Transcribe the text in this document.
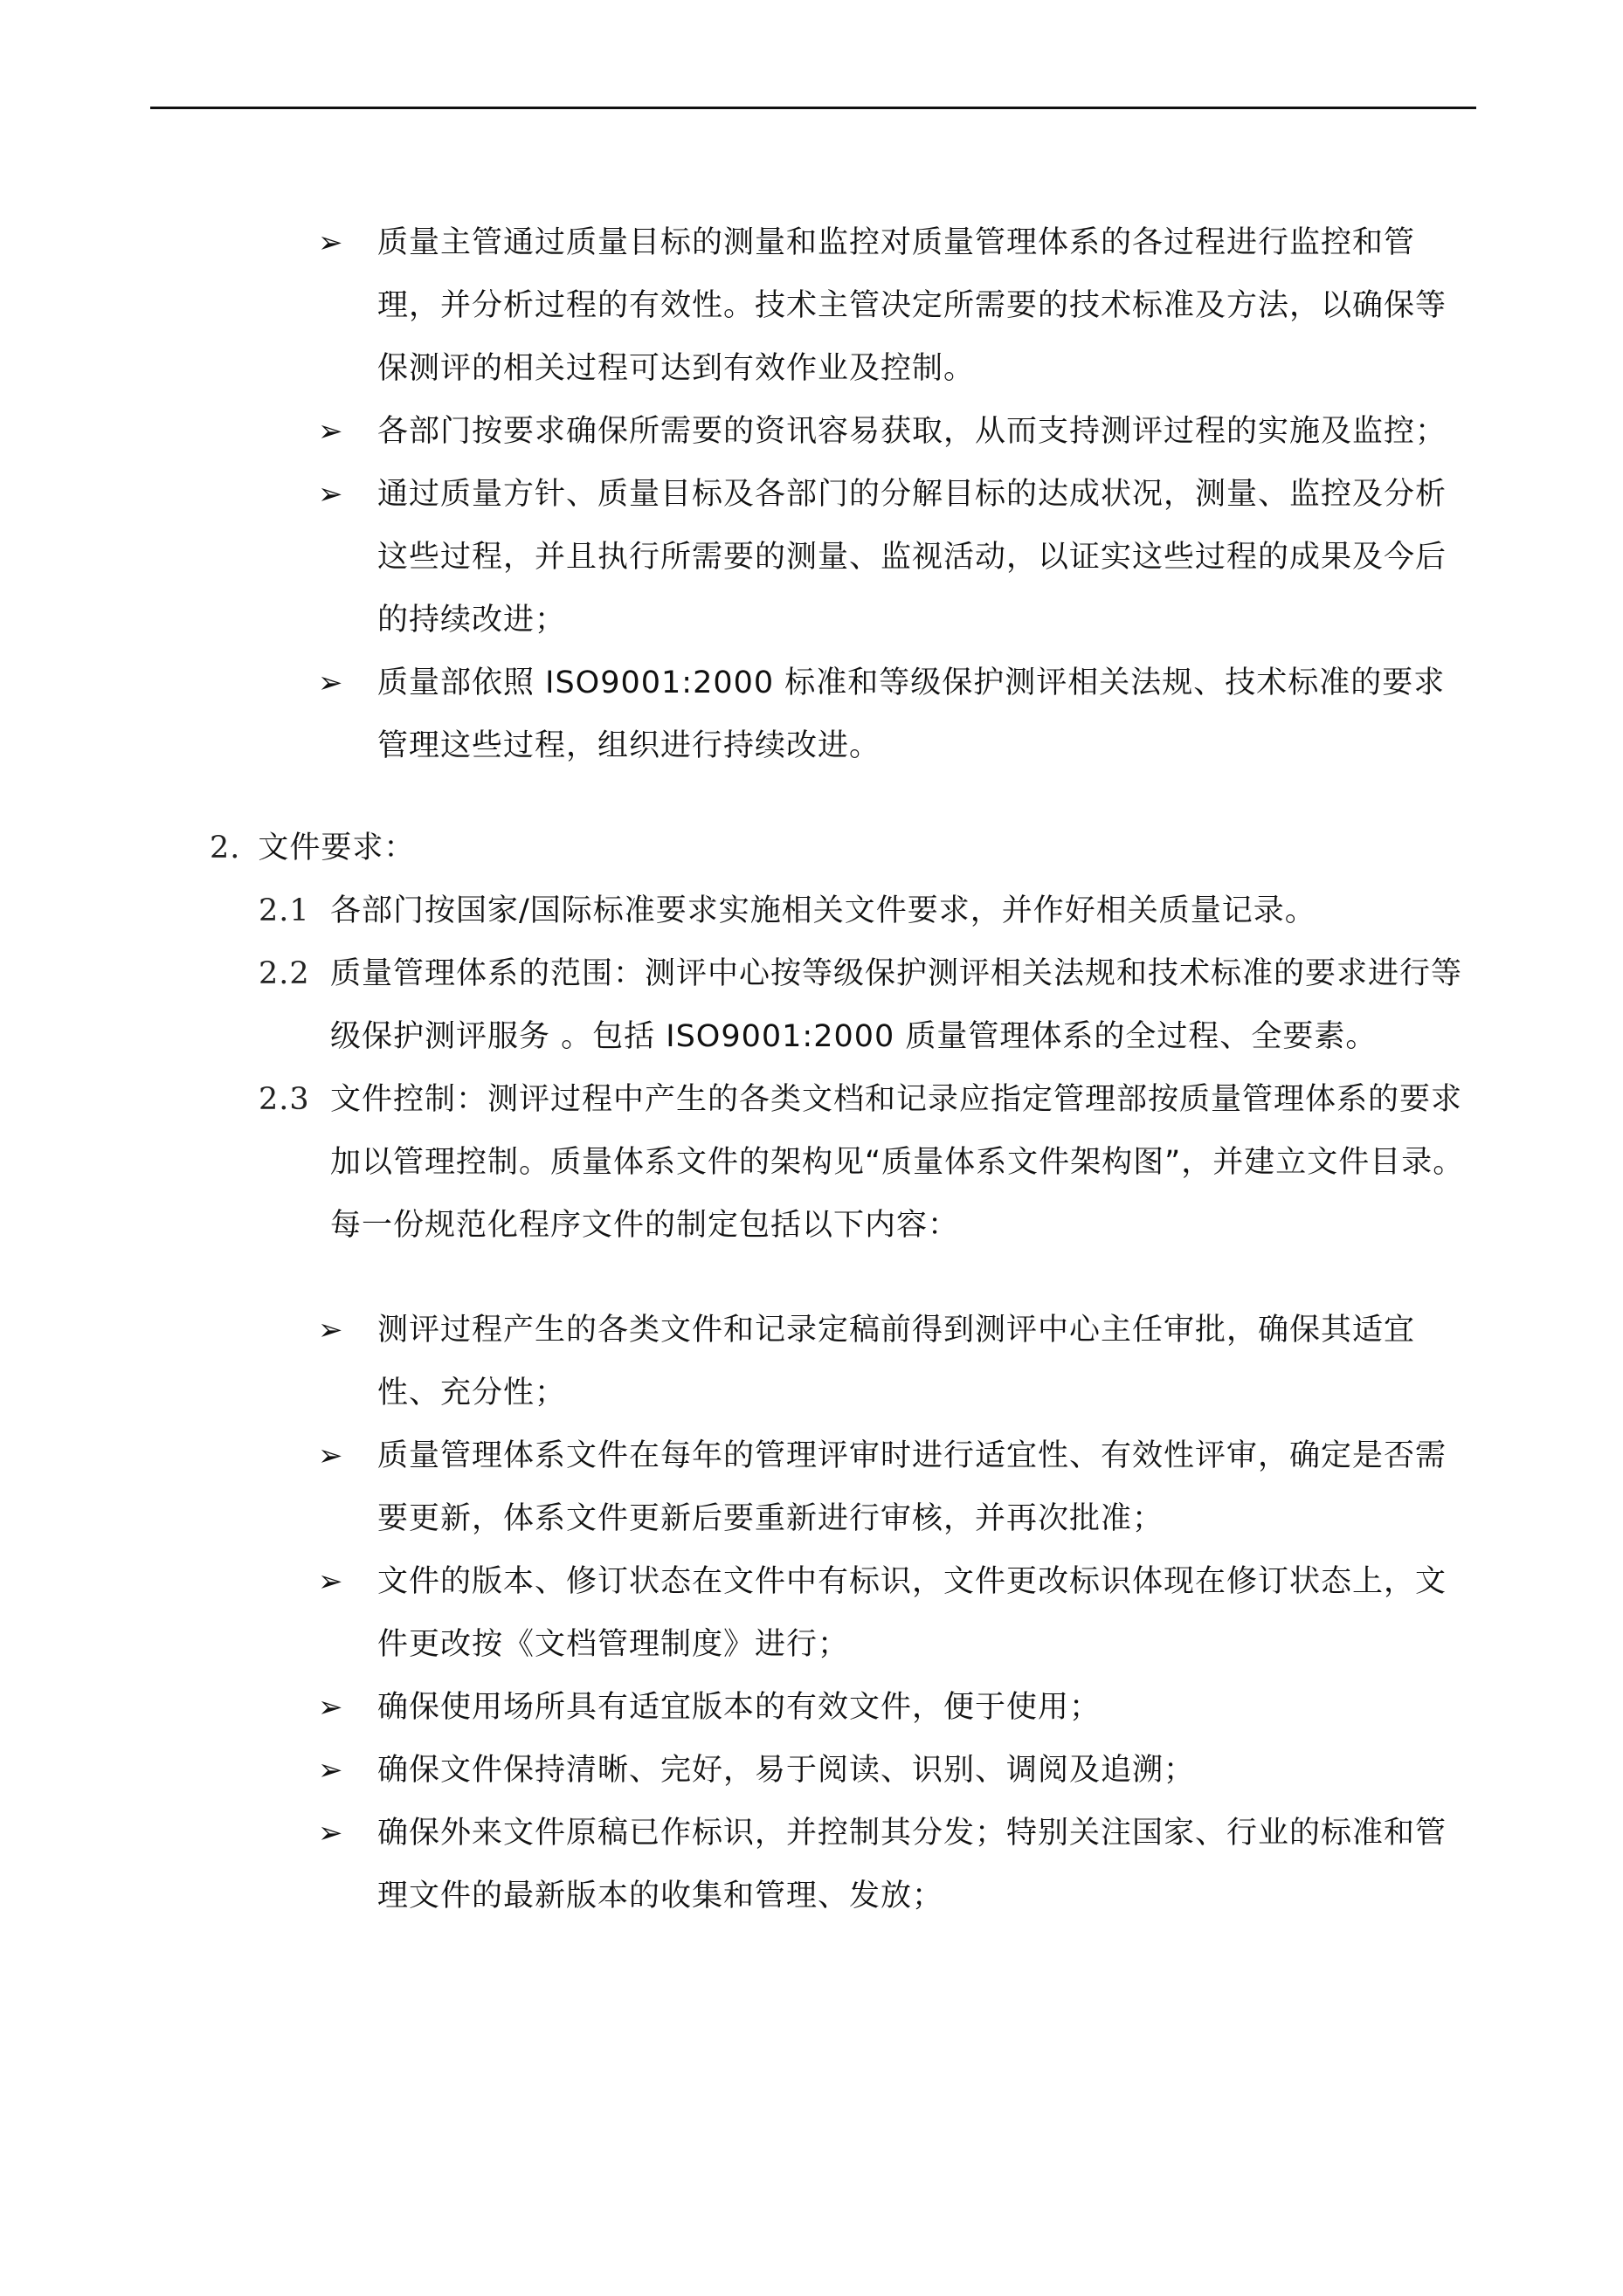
➢	质量主管通过质量目标的测量和监控对质量管理体系的各过程进行监控和管理，并分析过程的有效性。技术主管决定所需要的技术标准及方法，以确保等保测评的相关过程可达到有效作业及控制。
➢	各部门按要求确保所需要的资讯容易获取，从而支持测评过程的实施及监控；
➢	通过质量方针、质量目标及各部门的分解目标的达成状况，测量、监控及分析这些过程，并且执行所需要的测量、监视活动，以证实这些过程的成果及今后的持续改进；
➢	质量部依照 ISO9001:2000 标准和等级保护测评相关法规、技术标准的要求管理这些过程，组织进行持续改进。
2. 文件要求：
2.1 各部门按国家/国际标准要求实施相关文件要求，并作好相关质量记录。
2.2 质量管理体系的范围：测评中心按等级保护测评相关法规和技术标准的要求进行等级保护测评服务 。包括 ISO9001:2000 质量管理体系的全过程、全要素。
2.3 文件控制：测评过程中产生的各类文档和记录应指定管理部按质量管理体系的要求加以管理控制。质量体系文件的架构见“质量体系文件架构图”，并建立文件目录。每一份规范化程序文件的制定包括以下内容：
➢	测评过程产生的各类文件和记录定稿前得到测评中心主任审批，确保其适宜性、充分性；
➢	质量管理体系文件在每年的管理评审时进行适宜性、有效性评审，确定是否需要更新，体系文件更新后要重新进行审核，并再次批准；
➢	文件的版本、修订状态在文件中有标识，文件更改标识体现在修订状态上，文件更改按《文档管理制度》进行；
➢	确保使用场所具有适宜版本的有效文件，便于使用；
➢	确保文件保持清晰、完好，易于阅读、识别、调阅及追溯；
➢	确保外来文件原稿已作标识，并控制其分发；特别关注国家、行业的标准和管理文件的最新版本的收集和管理、发放；
